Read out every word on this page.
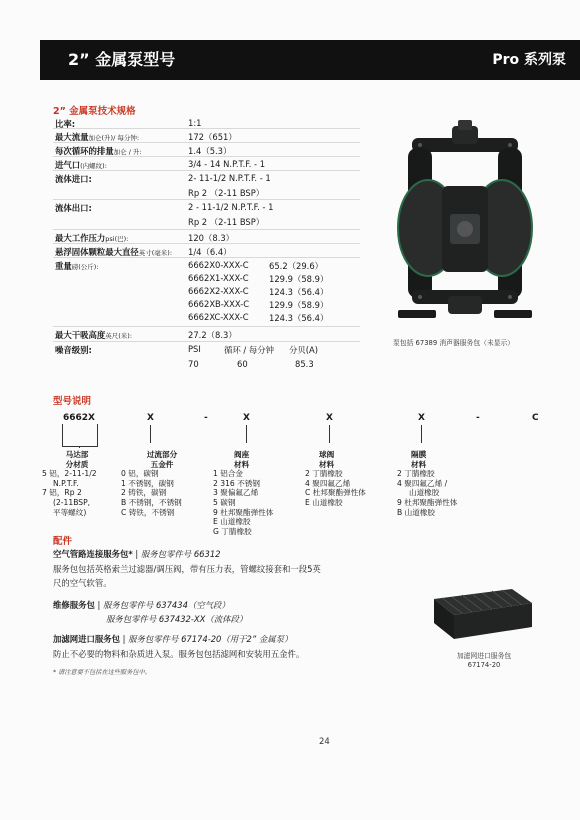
2” 金属泵型号	Pro 系列泵
2” 金属泵技术规格
比率:	1:1
最大流量加仑(升)/ 每分钟:	172（651）
每次循环的排量加仑 / 升:	1.4（5.3）
进气口(内螺纹):	3/4 - 14 N.P.T.F. - 1
流体进口:	2- 11-1/2 N.P.T.F. - 1
Rp 2 （2-11 BSP）
流体出口:	2 - 11-1/2 N.P.T.F. - 1
Rp 2 （2-11 BSP）
最大工作压力psi(巴):	120（8.3）
悬浮固体颗粒最大直径英寸(毫米): 1/4（6.4）
重量磅(公斤):	6662X0-XXX-C 65.2（29.6）
6662X1-XXX-C 129.9（58.9）
6662X2-XXX-C 124.3（56.4）
6662XB-XXX-C 129.9（58.9）
6662XC-XXX-C 124.3（56.4）
最大干吸高度英尺(米):	27.2（8.3）
噪音级别:	PSI	循环 / 每分钟 分贝(A)
70	60	85.3
泵包括 67389 消声器服务包（未显示）
型号说明
6662X	X	-	X	X	X	-	C
马达部
分材质
5 铝，2-11-1/2
N.P.T.F.
7 铝，Rp 2
(2-11BSP,
平等螺纹)
过流部分
五金件
0 铝，碳钢
1 不锈钢，碳钢
2 铸铁，碳钢
B 不锈钢，不锈钢
C 铸铁，不锈钢
阀座
材料
1 铝合金
2 316 不锈钢
3 聚偏氟乙烯
5 碳钢
9 杜邦聚酯弹性体
E 山道橡胶
G 丁腈橡胶
球阀
材料
2 丁腈橡胶
4 聚四氟乙烯
C 杜邦聚酯弹性体
E 山道橡胶
隔膜
材料
2 丁腈橡胶
4 聚四氟乙烯 /
山道橡胶
9 杜邦聚酯弹性体
B 山道橡胶
配件
空气管路连接服务包* | 服务包零件号 66312
服务包包括英格索兰过滤器/调压阀，带有压力表，管螺纹接套和一段5英
尺的空气软管。
维修服务包 | 服务包零件号 637434（空气段）
服务包零件号 637432-XX（流体段）
加滤网进口服务包 | 服务包零件号 67174-20（用于2” 金属泵）
防止不必要的物料和杂质进入泵。服务包包括滤网和安装用五金件。	加滤网进口服务包
67174-20
* 请注意要不包括在这些服务包中。
24
